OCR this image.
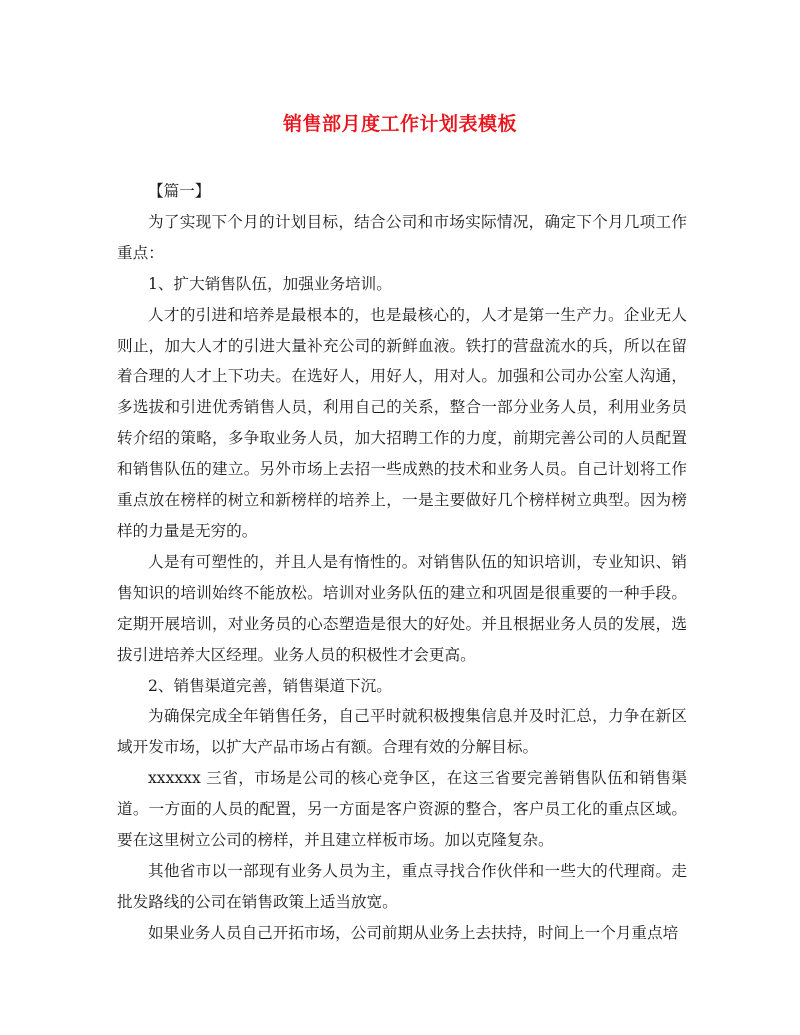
销售部月度工作计划表模板

【篇一】

为了实现下个月的计划目标，结合公司和市场实际情况，确定下个月几项工作重点：

1、扩大销售队伍，加强业务培训。

人才的引进和培养是最根本的，也是最核心的，人才是第一生产力。企业无人则止，加大人才的引进大量补充公司的新鲜血液。铁打的营盘流水的兵，所以在留着合理的人才上下功夫。在选好人，用好人，用对人。加强和公司办公室人沟通，多选拔和引进优秀销售人员，利用自己的关系，整合一部分业务人员，利用业务员转介绍的策略，多争取业务人员，加大招聘工作的力度，前期完善公司的人员配置和销售队伍的建立。另外市场上去招一些成熟的技术和业务人员。自己计划将工作重点放在榜样的树立和新榜样的培养上，一是主要做好几个榜样树立典型。因为榜样的力量是无穷的。

人是有可塑性的，并且人是有惰性的。对销售队伍的知识培训，专业知识、销售知识的培训始终不能放松。培训对业务队伍的建立和巩固是很重要的一种手段。定期开展培训，对业务员的心态塑造是很大的好处。并且根据业务人员的发展，选拔引进培养大区经理。业务人员的积极性才会更高。

2、销售渠道完善，销售渠道下沉。

为确保完成全年销售任务，自己平时就积极搜集信息并及时汇总，力争在新区域开发市场，以扩大产品市场占有额。合理有效的分解目标。

xxxxxx 三省，市场是公司的核心竞争区，在这三省要完善销售队伍和销售渠道。一方面的人员的配置，另一方面是客户资源的整合，客户员工化的重点区域。要在这里树立公司的榜样，并且建立样板市场。加以克隆复杂。

其他省市以一部现有业务人员为主，重点寻找合作伙伴和一些大的代理商。走批发路线的公司在销售政策上适当放宽。

如果业务人员自己开拓市场，公司前期从业务上去扶持，时间上一个月重点培
